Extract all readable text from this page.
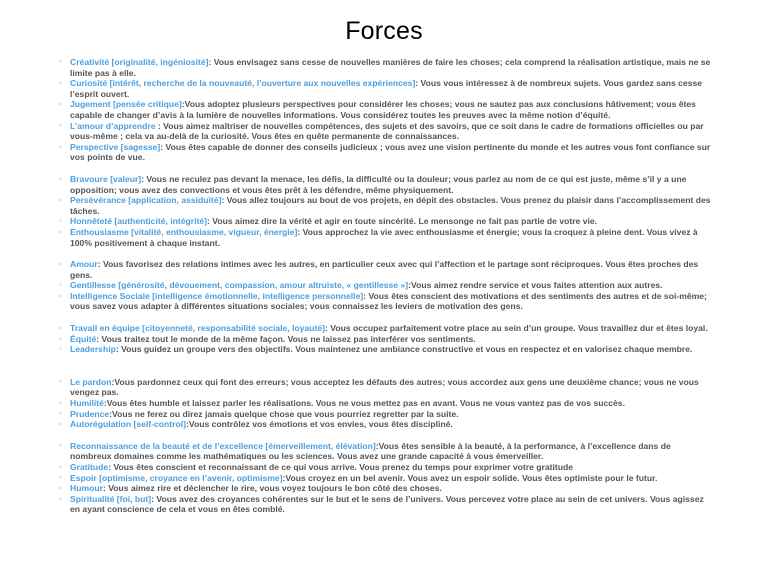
Forces
◦ Créativité [originalité, ingéniosité]: Vous envisagez sans cesse de nouvelles manières de faire les choses; cela comprend la réalisation artistique, mais ne se limite pas à elle.
◦ Curiosité [intérêt, recherche de la nouveauté, l’ouverture aux nouvelles expériences]: Vous vous intéressez à de nombreux sujets. Vous gardez sans cesse l’esprit ouvert.
◦ Jugement [pensée critique]:Vous adoptez plusieurs perspectives pour considérer les choses; vous ne sautez pas aux conclusions hâtivement; vous êtes capable de changer d’avis à la lumière de nouvelles informations. Vous considérez toutes les preuves avec la même notion d’équité.
◦ L’amour d’apprendre : Vous aimez maîtriser de nouvelles compétences, des sujets et des savoirs, que ce soit dans le cadre de formations officielles ou par vous-même ; cela va au-delà de la curiosité. Vous êtes en quête permanente de connaissances.
◦ Perspective [sagesse]: Vous êtes capable de donner des conseils judicieux ; vous avez une vision pertinente du monde et les autres vous font confiance sur vos points de vue.
◦ Bravoure [valeur]: Vous ne reculez pas devant la menace, les défis, la difficulté ou la douleur; vous parlez au nom de ce qui est juste, même s’il y a une opposition; vous avez des convections et vous êtes prêt à les défendre, même physiquement.
◦ Persévérance [application, assiduité]: Vous allez toujours au bout de vos projets, en dépit des obstacles. Vous prenez du plaisir dans l’accomplissement des tâches.
◦ Honnêteté [authenticité, intégrité]: Vous aimez dire la vérité et agir en toute sincérité. Le mensonge ne fait pas partie de votre vie.
◦ Enthousiasme [vitalité, enthousiasme, vigueur, énergie]: Vous approchez la vie avec enthousiasme et énergie; vous la croquez à pleine dent. Vous vivez à 100% positivement à chaque instant.
◦ Amour: Vous favorisez des relations intimes avec les autres, en particulier ceux avec qui l’affection et le partage sont réciproques. Vous êtes proches des gens.
◦ Gentillesse [générosité, dévouement, compassion, amour altruiste, « gentillesse »]:Vous aimez rendre service et vous faites attention aux autres.
◦ Intelligence Sociale [intelligence émotionnelle, intelligence personnelle]: Vous êtes conscient des motivations et des sentiments des autres et de soi-même; vous savez vous adapter à différentes situations sociales; vous connaissez les leviers de motivation des gens.
◦ Travail en équipe [citoyenneté, responsabilité sociale, loyauté]: Vous occupez parfaitement votre place au sein d’un groupe. Vous travaillez dur et êtes loyal.
◦ Équité: Vous traitez tout le monde de la même façon. Vous ne laissez pas interférer vos sentiments.
◦ Leadership: Vous guidez un groupe vers des objectifs. Vous maintenez une ambiance constructive et vous en respectez et en valorisez chaque membre.
◦ Le pardon:Vous pardonnez ceux qui font des erreurs; vous acceptez les défauts des autres; vous accordez aux gens une deuxième chance; vous ne vous vengez pas.
◦ Humilité:Vous êtes humble et laissez parler les réalisations. Vous ne vous mettez pas en avant. Vous ne vous vantez pas de vos succès.
◦ Prudence:Vous ne ferez ou direz jamais quelque chose que vous pourriez regretter par la suite.
◦ Autorégulation [self-control]:Vous contrôlez vos émotions et vos envies, vous êtes discipliné.
◦ Reconnaissance de la beauté et de l’excellence [émerveillement, élévation]:Vous êtes sensible à la beauté, à la performance, à l’excellence dans de nombreux domaines comme les mathématiques ou les sciences. Vous avez une grande capacité à vous émerveiller.
◦ Gratitude: Vous êtes conscient et reconnaissant de ce qui vous arrive. Vous prenez du temps pour exprimer votre gratitude
◦ Espoir [optimisme, croyance en l’avenir, optimisme]:Vous croyez en un bel avenir. Vous avez un espoir solide. Vous êtes optimiste pour le futur.
◦ Humour: Vous aimez rire et déclencher le rire, vous voyez toujours le bon côté des choses.
◦ Spiritualité [foi, but]: Vous avez des croyances cohérentes sur le but et le sens de l’univers. Vous percevez votre place au sein de cet univers. Vous agissez en ayant conscience de cela et vous en êtes comblé.
